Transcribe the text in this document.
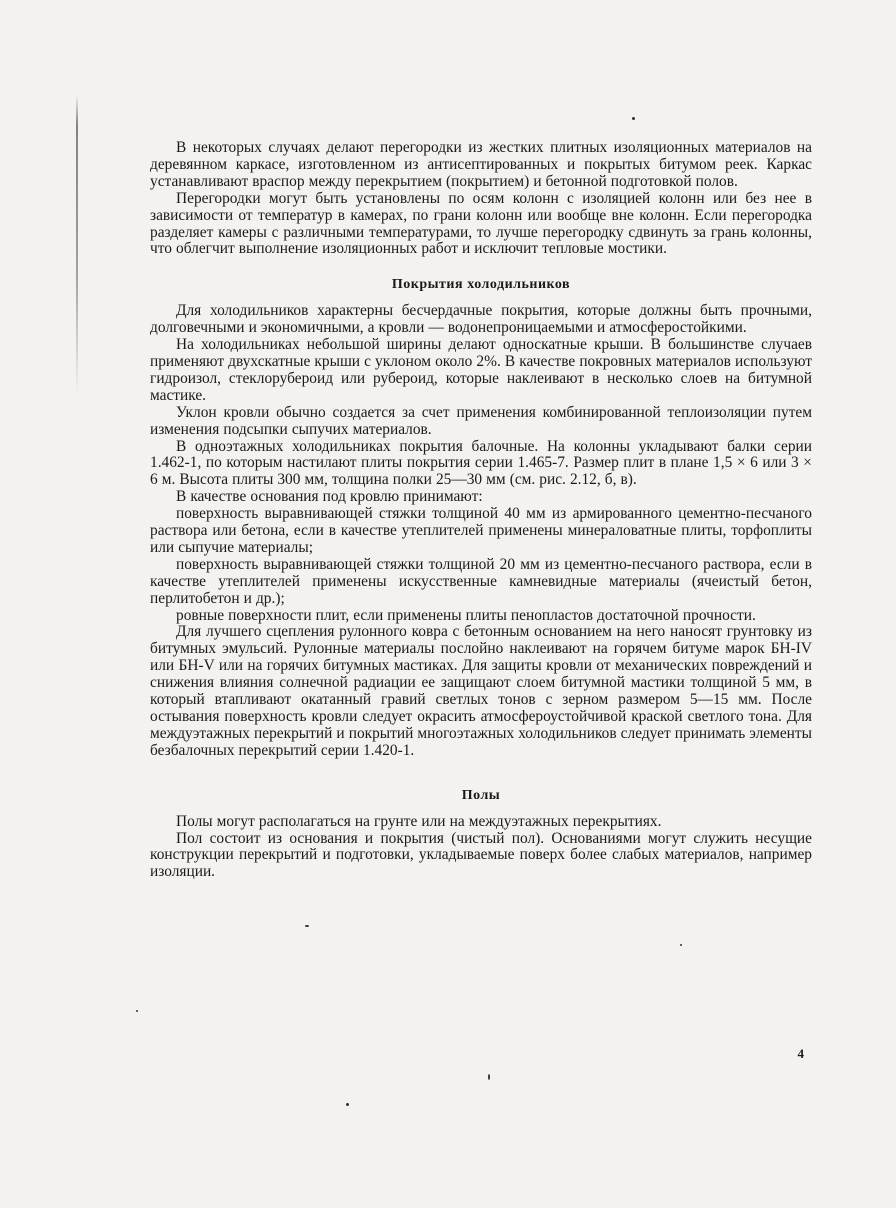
В некоторых случаях делают перегородки из жестких плитных изоляционных материалов на деревянном каркасе, изготовленном из антисептированных и покрытых битумом реек. Каркас устанавливают враспор между перекрытием (покрытием) и бетонной подготовкой полов.

Перегородки могут быть установлены по осям колонн с изоляцией колонн или без нее в зависимости от температур в камерах, по грани колонн или вообще вне колонн. Если перегородка разделяет камеры с различными температурами, то лучше перегородку сдвинуть за грань колонны, что облегчит выполнение изоляционных работ и исключит тепловые мостики.

Покрытия холодильников

Для холодильников характерны бесчердачные покрытия, которые должны быть прочными, долговечными и экономичными, а кровли — водонепроницаемыми и атмосферостойкими.

На холодильниках небольшой ширины делают односкатные крыши. В большинстве случаев применяют двухскатные крыши с уклоном около 2%. В качестве покровных материалов используют гидроизол, стеклорубероид или рубероид, которые наклеивают в несколько слоев на битумной мастике.

Уклон кровли обычно создается за счет применения комбинированной теплоизоляции путем изменения подсыпки сыпучих материалов.

В одноэтажных холодильниках покрытия балочные. На колонны укладывают балки серии 1.462-1, по которым настилают плиты покрытия серии 1.465-7. Размер плит в плане 1,5 × 6 или 3 × 6 м. Высота плиты 300 мм, толщина полки 25—30 мм (см. рис. 2.12, б, в).

В качестве основания под кровлю принимают:

поверхность выравнивающей стяжки толщиной 40 мм из армированного цементно-песчаного раствора или бетона, если в качестве утеплителей применены минераловатные плиты, торфоплиты или сыпучие материалы;

поверхность выравнивающей стяжки толщиной 20 мм из цементно-песчаного раствора, если в качестве утеплителей применены искусственные камневидные материалы (ячеистый бетон, перлитобетон и др.);

ровные поверхности плит, если применены плиты пенопластов достаточной прочности.

Для лучшего сцепления рулонного ковра с бетонным основанием на него наносят грунтовку из битумных эмульсий. Рулонные материалы послойно наклеивают на горячем битуме марок БН-IV или БН-V или на горячих битумных мастиках. Для защиты кровли от механических повреждений и снижения влияния солнечной радиации ее защищают слоем битумной мастики толщиной 5 мм, в который втапливают окатанный гравий светлых тонов с зерном размером 5—15 мм. После остывания поверхность кровли следует окрасить атмосфероустойчивой краской светлого тона. Для междуэтажных перекрытий и покрытий многоэтажных холодильников следует принимать элементы безбалочных перекрытий серии 1.420-1.

Полы

Полы могут располагаться на грунте или на междуэтажных перекрытиях.

Пол состоит из основания и покрытия (чистый пол). Основаниями могут служить несущие конструкции перекрытий и подготовки, укладываемые поверх более слабых материалов, например изоляции.

4
